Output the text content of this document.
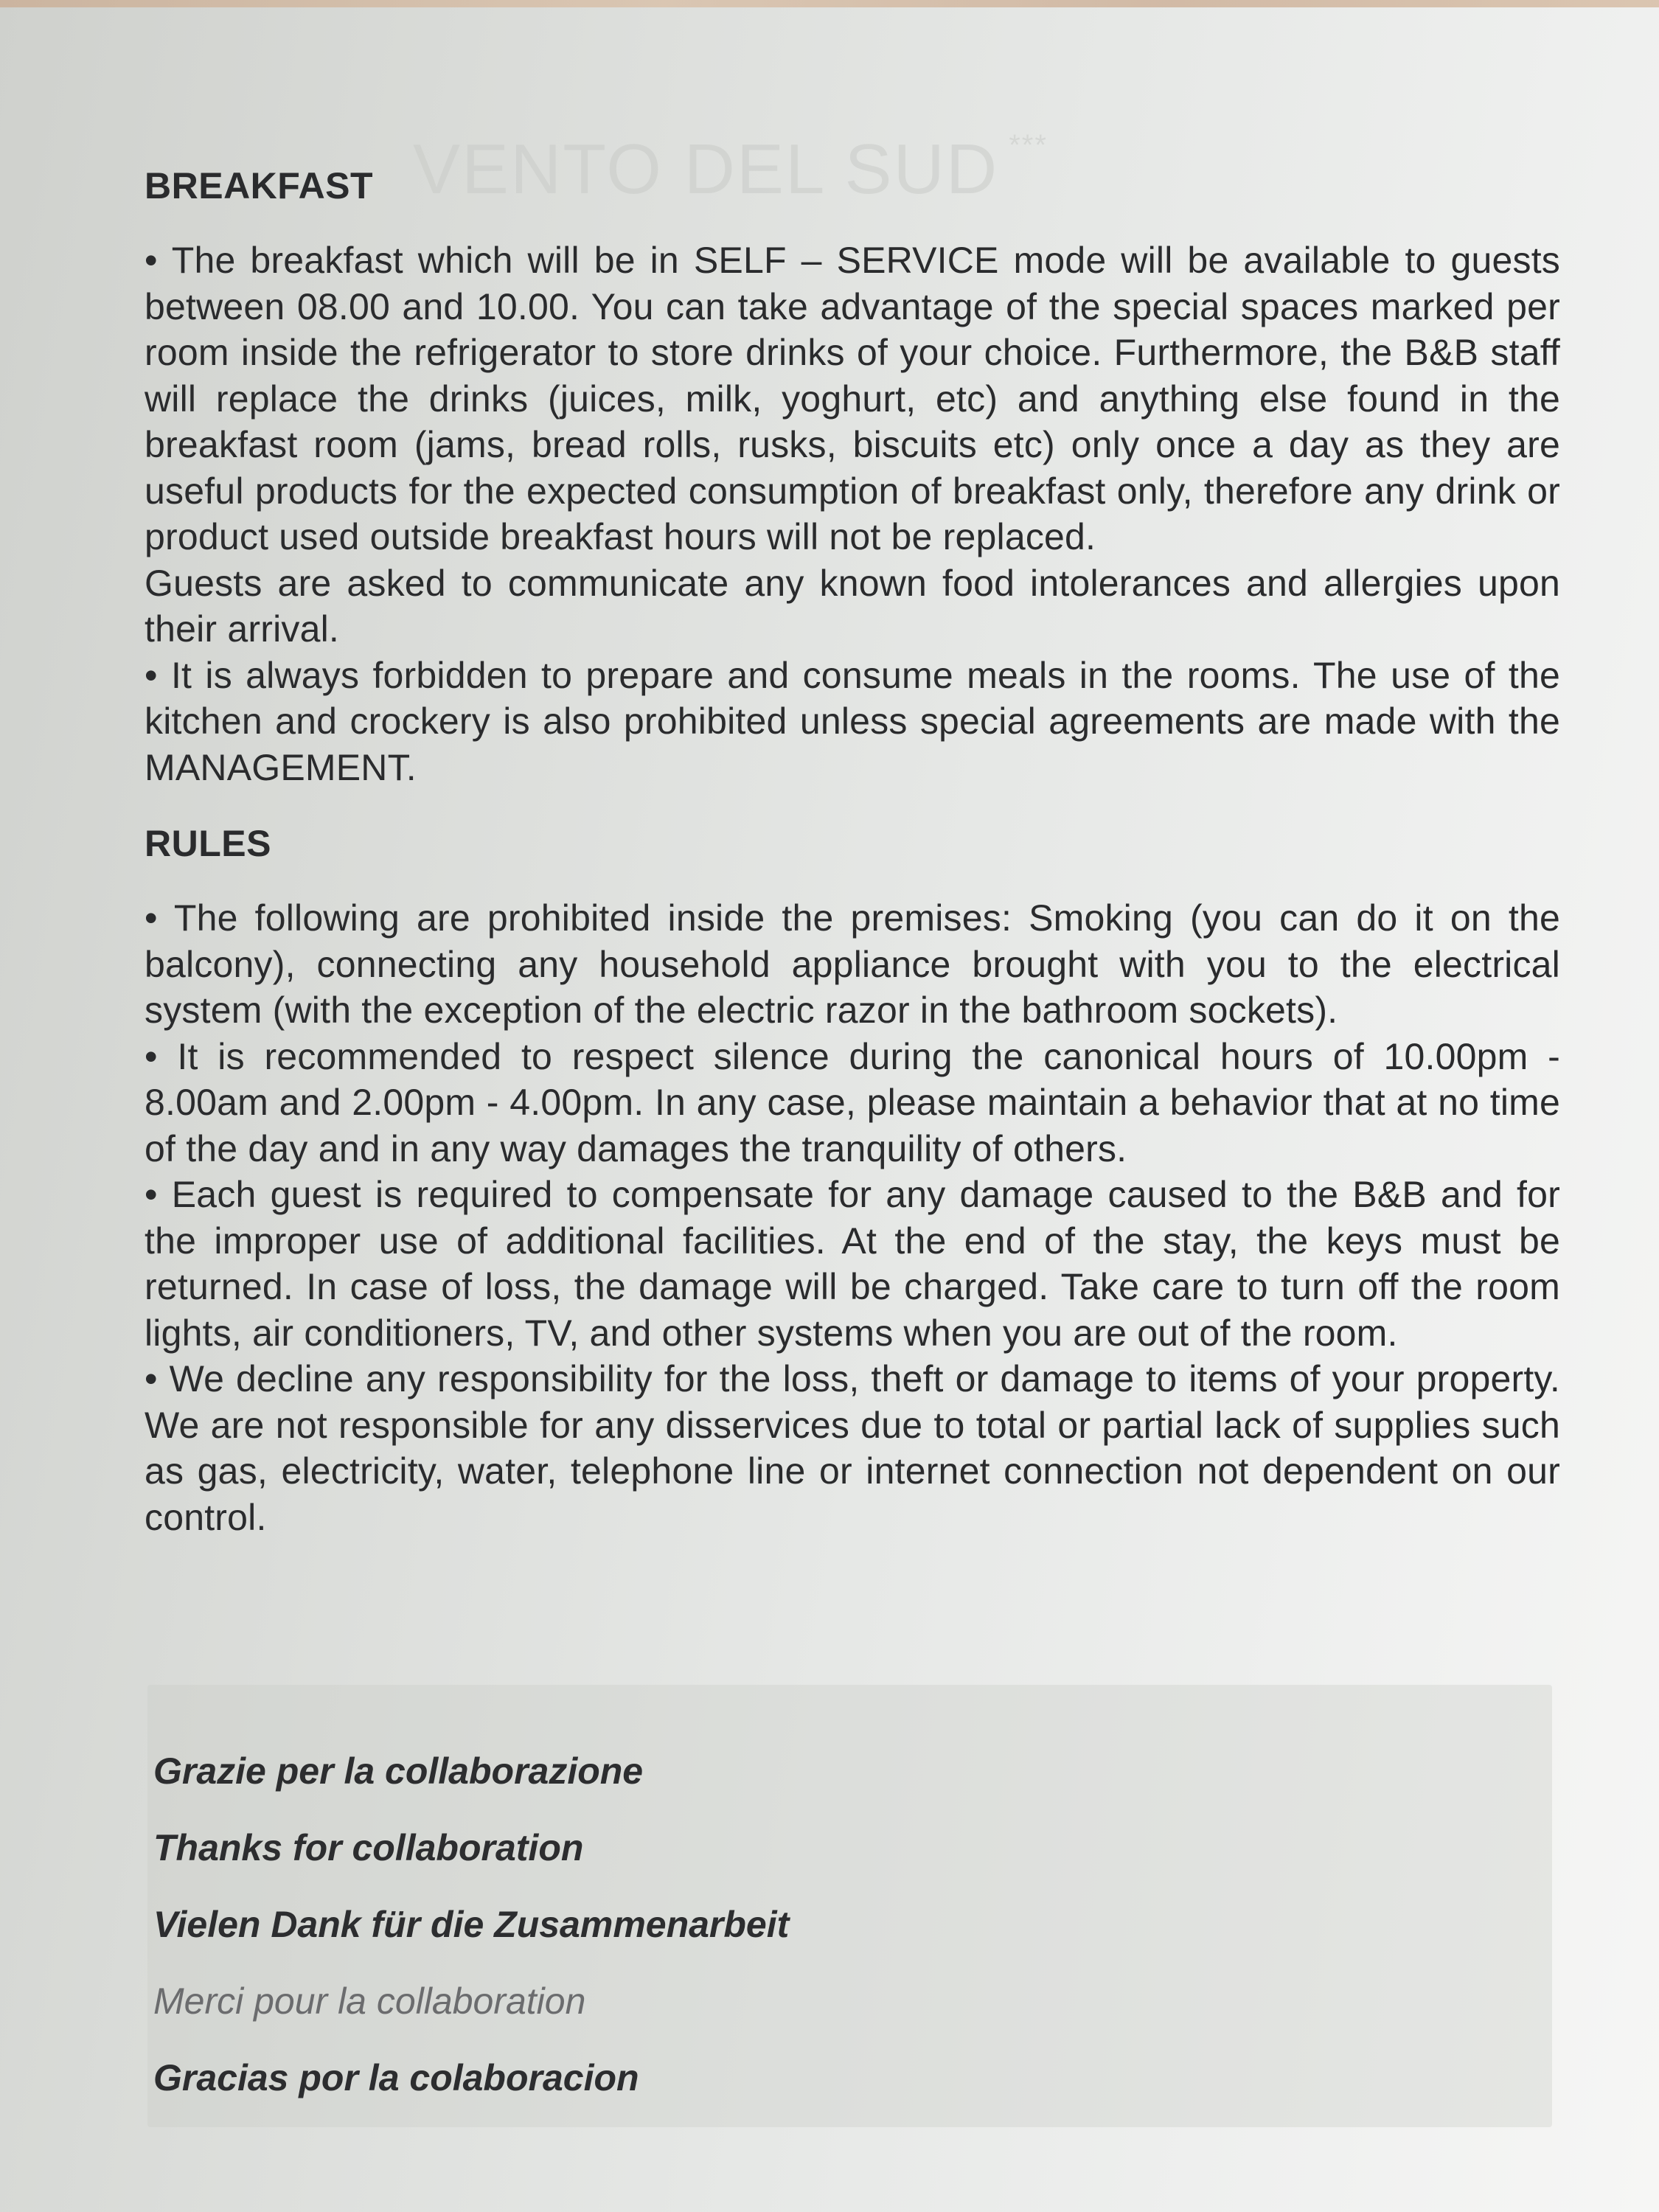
VENTO DEL SUD ***
BREAKFAST

• The breakfast which will be in SELF – SERVICE mode will be available to guests between 08.00 and 10.00. You can take advantage of the special spaces marked per room inside the refrigerator to store drinks of your choice. Furthermore, the B&B staff will replace the drinks (juices, milk, yoghurt, etc) and anything else found in the breakfast room (jams, bread rolls, rusks, biscuits etc) only once a day as they are useful products for the expected consumption of breakfast only, therefore any drink or product used outside breakfast hours will not be replaced.

Guests are asked to communicate any known food intolerances and allergies upon their arrival.

• It is always forbidden to prepare and consume meals in the rooms. The use of the kitchen and crockery is also prohibited unless special agreements are made with the MANAGEMENT.

RULES

• The following are prohibited inside the premises: Smoking (you can do it on the balcony), connecting any household appliance brought with you to the electrical system (with the exception of the electric razor in the bathroom sockets).

• It is recommended to respect silence during the canonical hours of 10.00pm - 8.00am and 2.00pm - 4.00pm. In any case, please maintain a behavior that at no time of the day and in any way damages the tranquility of others.

• Each guest is required to compensate for any damage caused to the B&B and for the improper use of additional facilities. At the end of the stay, the keys must be returned. In case of loss, the damage will be charged. Take care to turn off the room lights, air conditioners, TV, and other systems when you are out of the room.

• We decline any responsibility for the loss, theft or damage to items of your property. We are not responsible for any disservices due to total or partial lack of supplies such as gas, electricity, water, telephone line or internet connection not dependent on our control.

Grazie per la collaborazione

Thanks for collaboration

Vielen Dank für die Zusammenarbeit

Merci pour la collaboration

Gracias por la colaboracion
